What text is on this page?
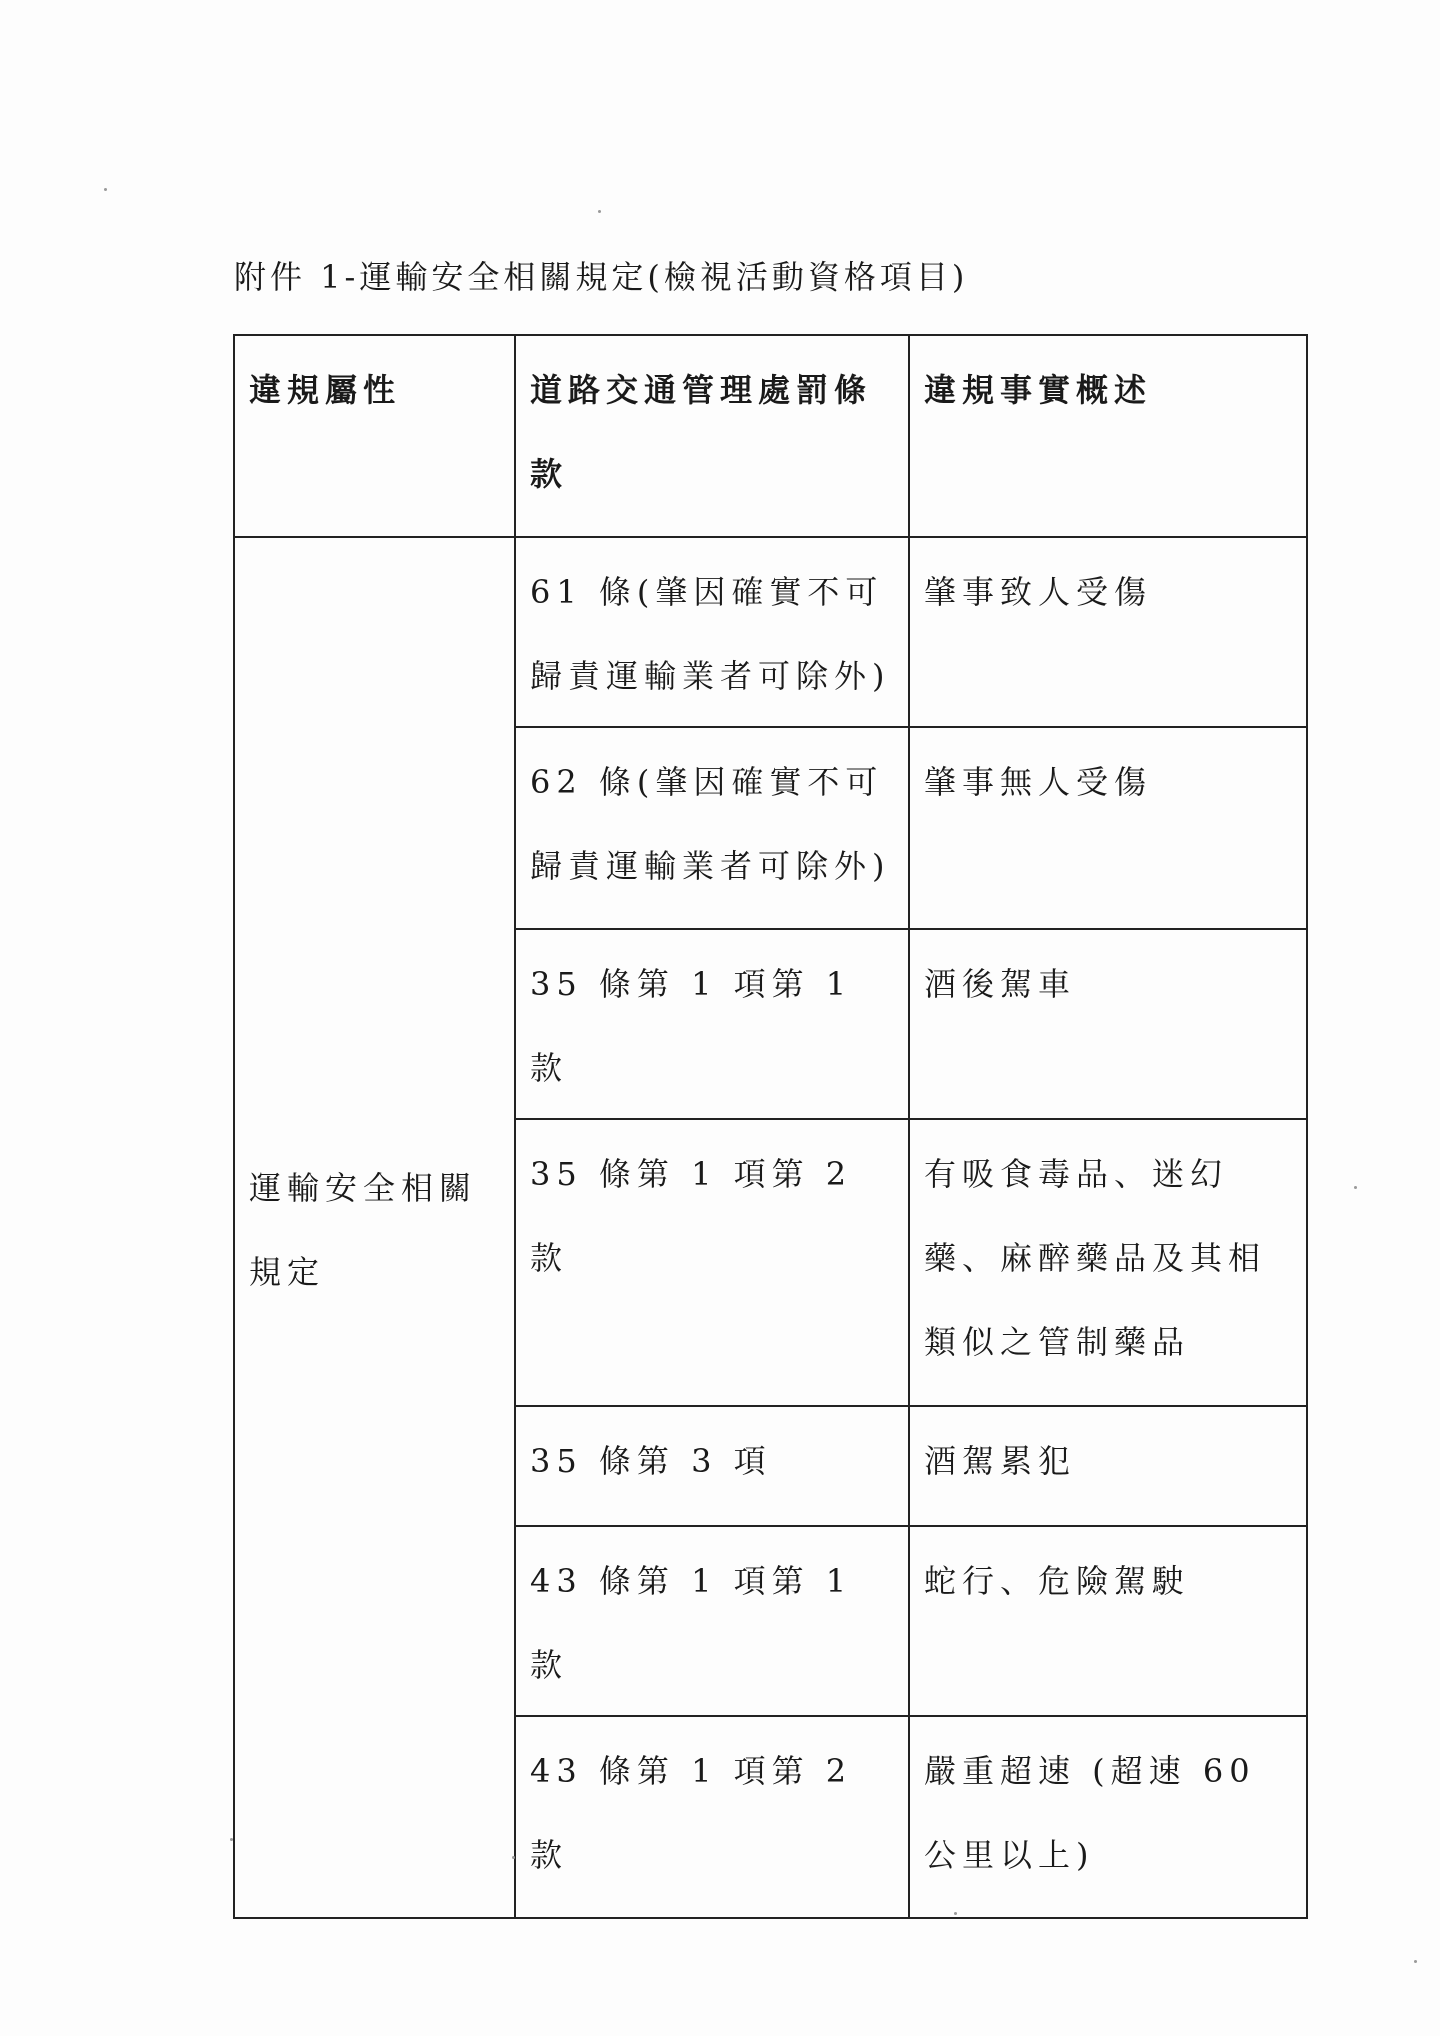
附件 1-運輸安全相關規定(檢視活動資格項目)
違規屬性	道路交通管理處罰條款	違規事實概述
運輸安全相關規定	61 條(肇因確實不可歸責運輸業者可除外)	肇事致人受傷
	62 條(肇因確實不可歸責運輸業者可除外)	肇事無人受傷
	35 條第 1 項第 1 款	酒後駕車
	35 條第 1 項第 2 款	有吸食毒品、迷幻藥、麻醉藥品及其相類似之管制藥品
	35 條第 3 項	酒駕累犯
	43 條第 1 項第 1 款	蛇行、危險駕駛
	43 條第 1 項第 2 款	嚴重超速 (超速 60 公里以上)
